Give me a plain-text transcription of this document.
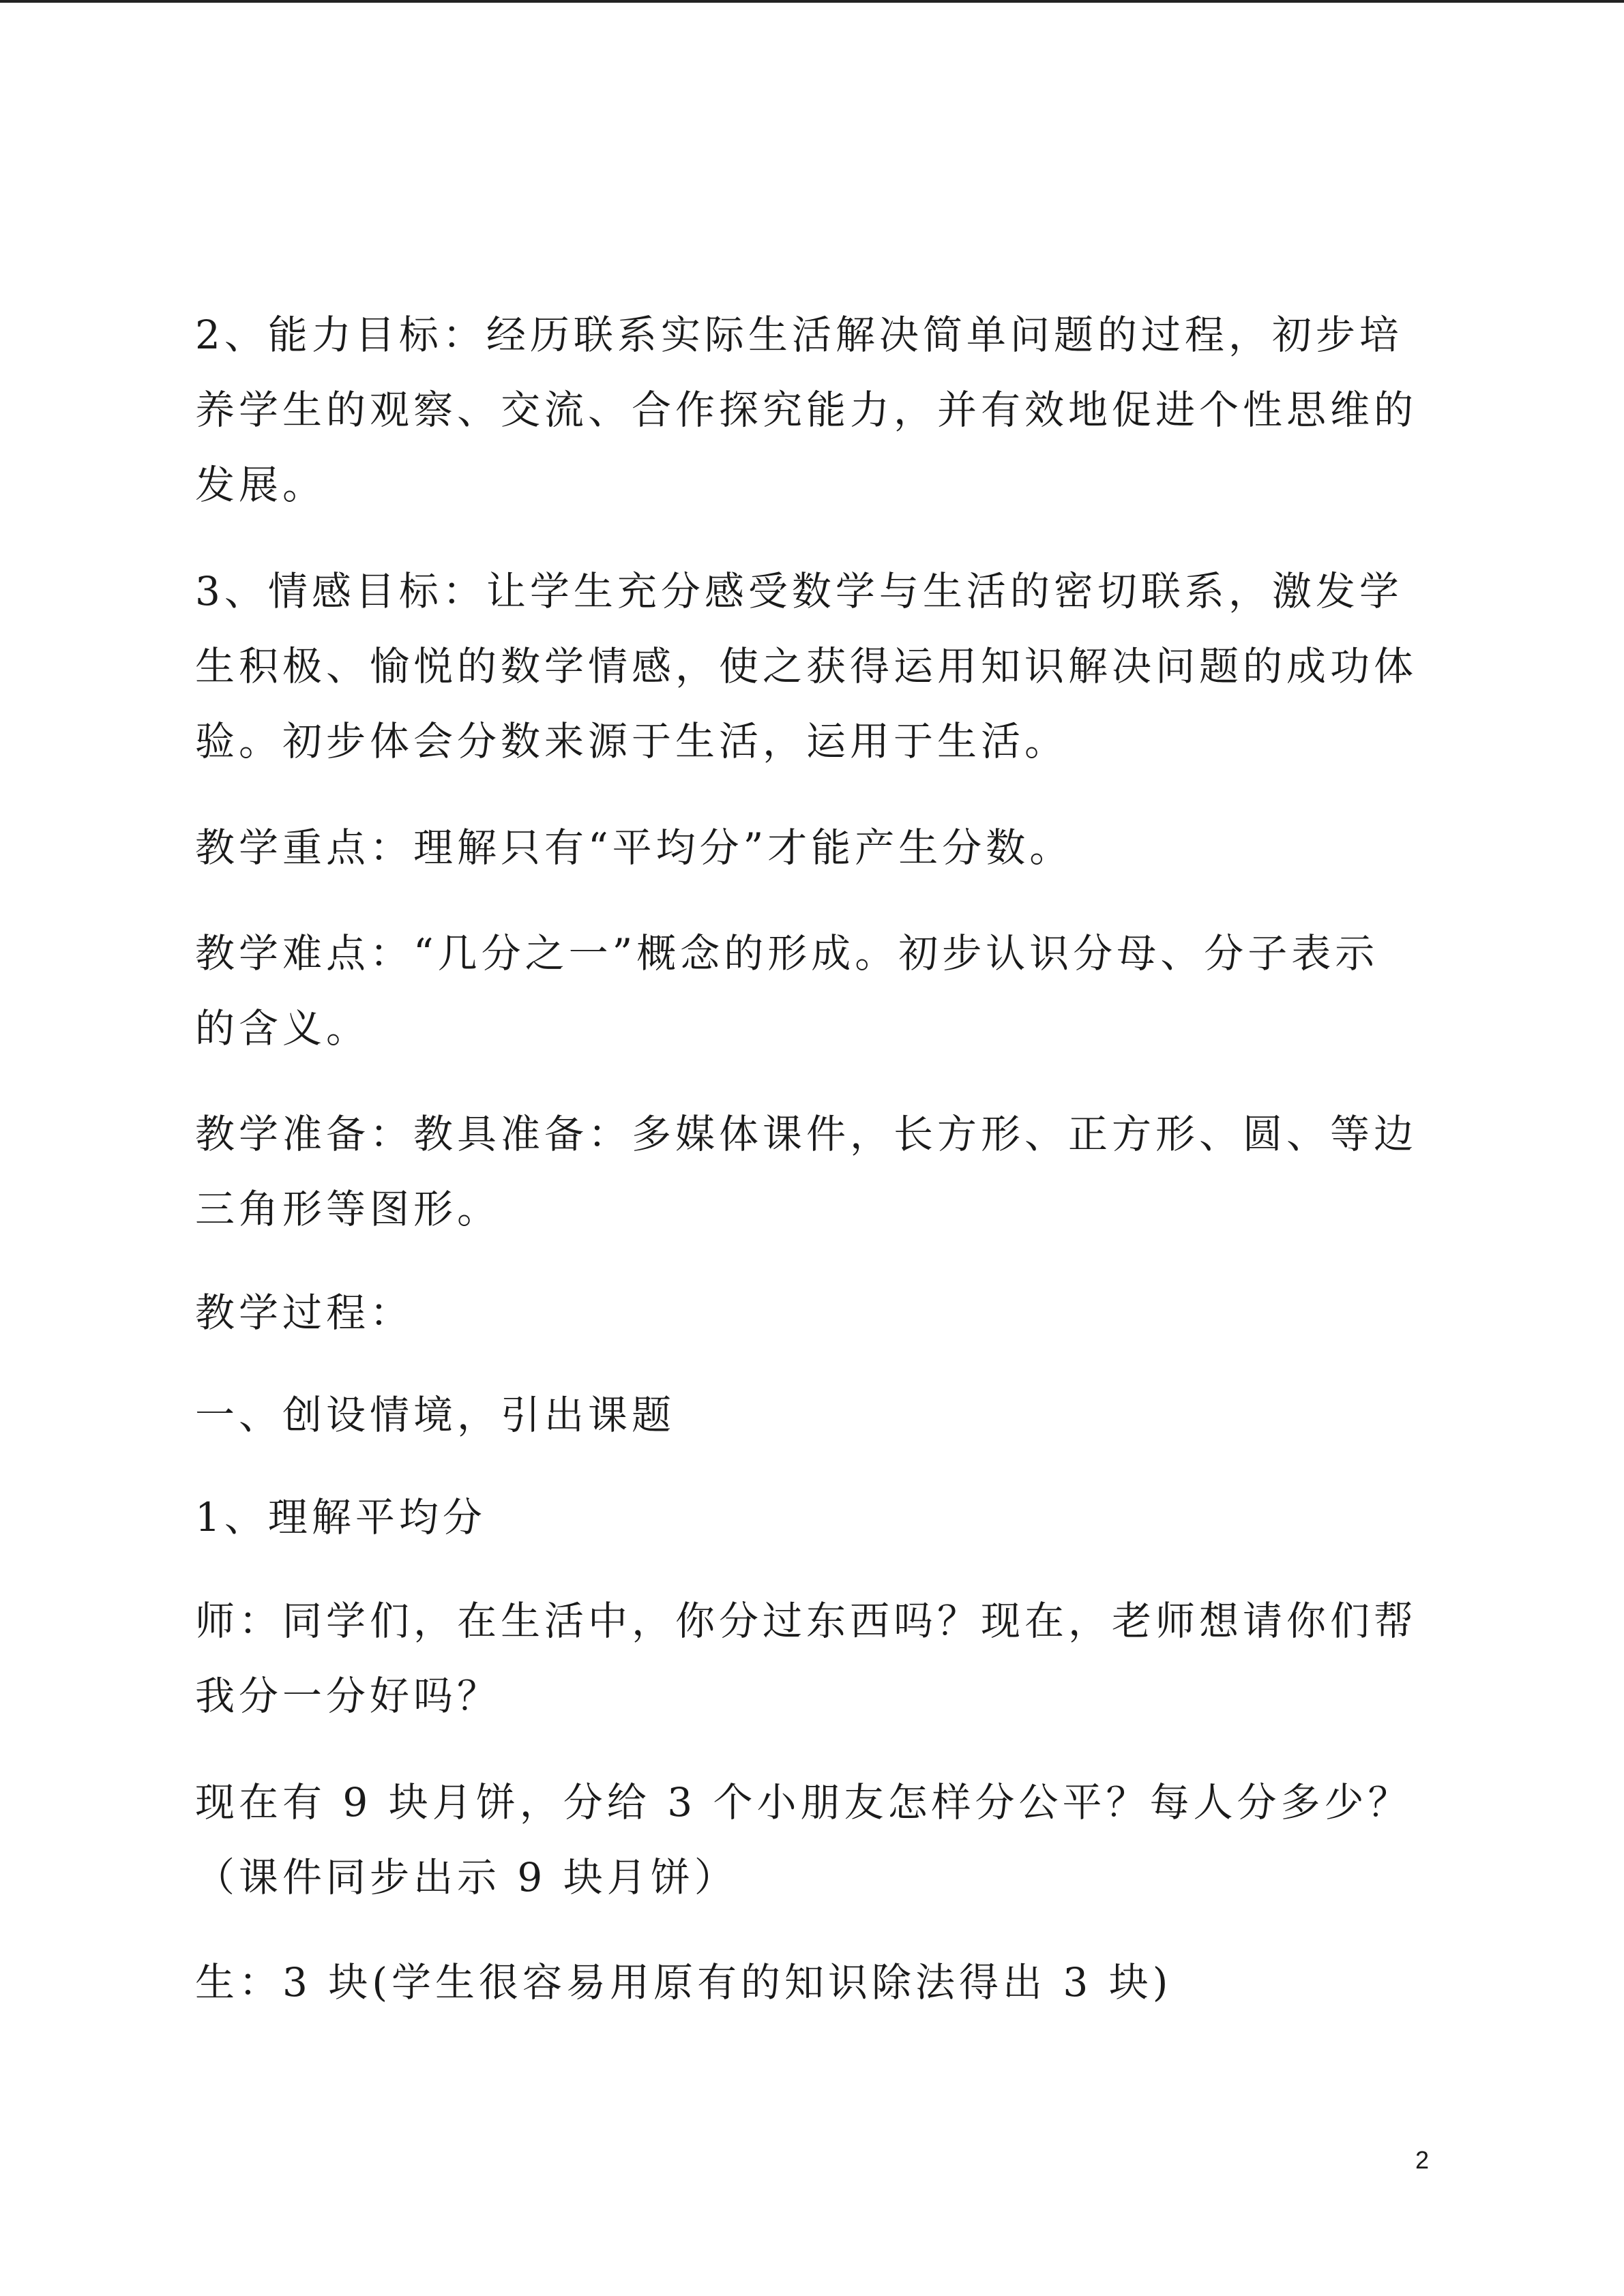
2、能力目标：经历联系实际生活解决简单问题的过程，初步培
养学生的观察、交流、合作探究能力，并有效地促进个性思维的
发展。

3、情感目标：让学生充分感受数学与生活的密切联系，激发学
生积极、愉悦的数学情感，使之获得运用知识解决问题的成功体
验。初步体会分数来源于生活，运用于生活。

教学重点：理解只有“平均分”才能产生分数。

教学难点：“几分之一”概念的形成。初步认识分母、分子表示
的含义。

教学准备：教具准备：多媒体课件，长方形、正方形、圆、等边
三角形等图形。

教学过程：

一、创设情境，引出课题

1、理解平均分

师：同学们，在生活中，你分过东西吗？现在，老师想请你们帮
我分一分好吗？

现在有 9 块月饼，分给 3 个小朋友怎样分公平？每人分多少？
（课件同步出示 9 块月饼）

生：3 块(学生很容易用原有的知识除法得出 3 块)

2
